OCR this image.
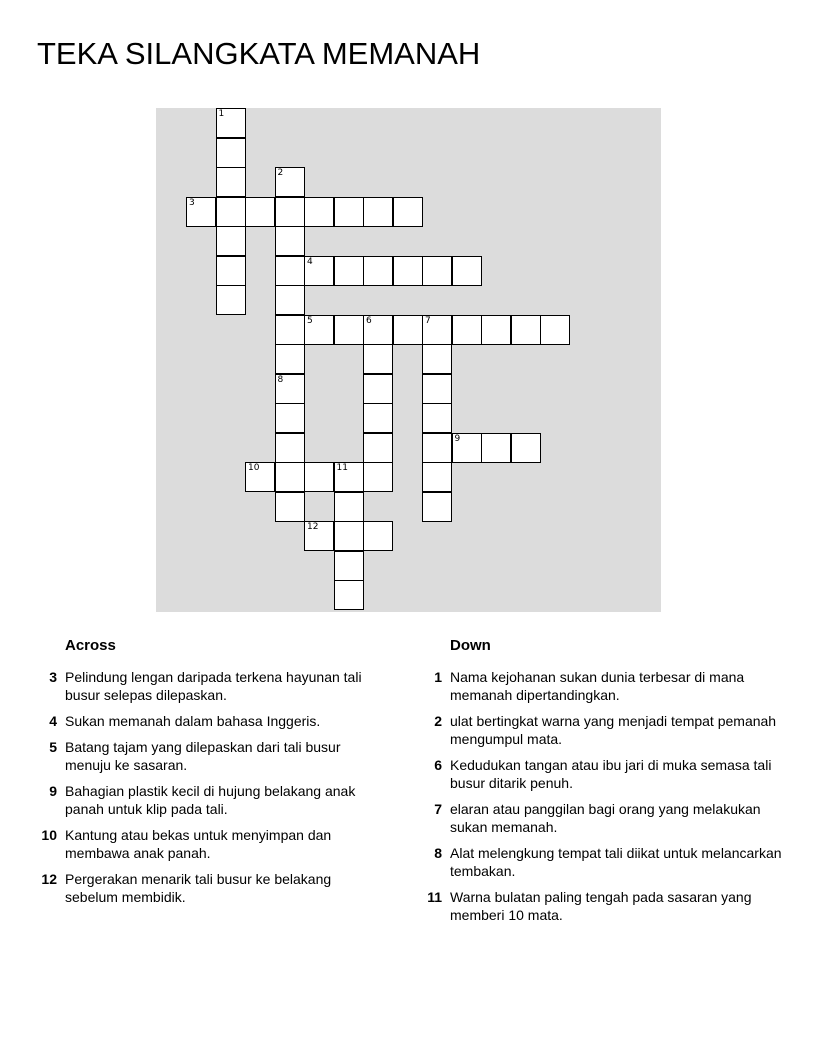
TEKA SILANGKATA MEMANAH
1
2
3
4
5	6	7
8
9
10	11
12
Across
3 Pelindung lengan daripada terkena hayunan tali busur selepas dilepaskan.
4 Sukan memanah dalam bahasa Inggeris.
5 Batang tajam yang dilepaskan dari tali busur menuju ke sasaran.
9 Bahagian plastik kecil di hujung belakang anak panah untuk klip pada tali.
10 Kantung atau bekas untuk menyimpan dan membawa anak panah.
12 Pergerakan menarik tali busur ke belakang sebelum membidik.
Down
1 Nama kejohanan sukan dunia terbesar di mana memanah dipertandingkan.
2 ulat bertingkat warna yang menjadi tempat pemanah mengumpul mata.
6 Kedudukan tangan atau ibu jari di muka semasa tali busur ditarik penuh.
7 elaran atau panggilan bagi orang yang melakukan sukan memanah.
8 Alat melengkung tempat tali diikat untuk melancarkan tembakan.
11 Warna bulatan paling tengah pada sasaran yang memberi 10 mata.
